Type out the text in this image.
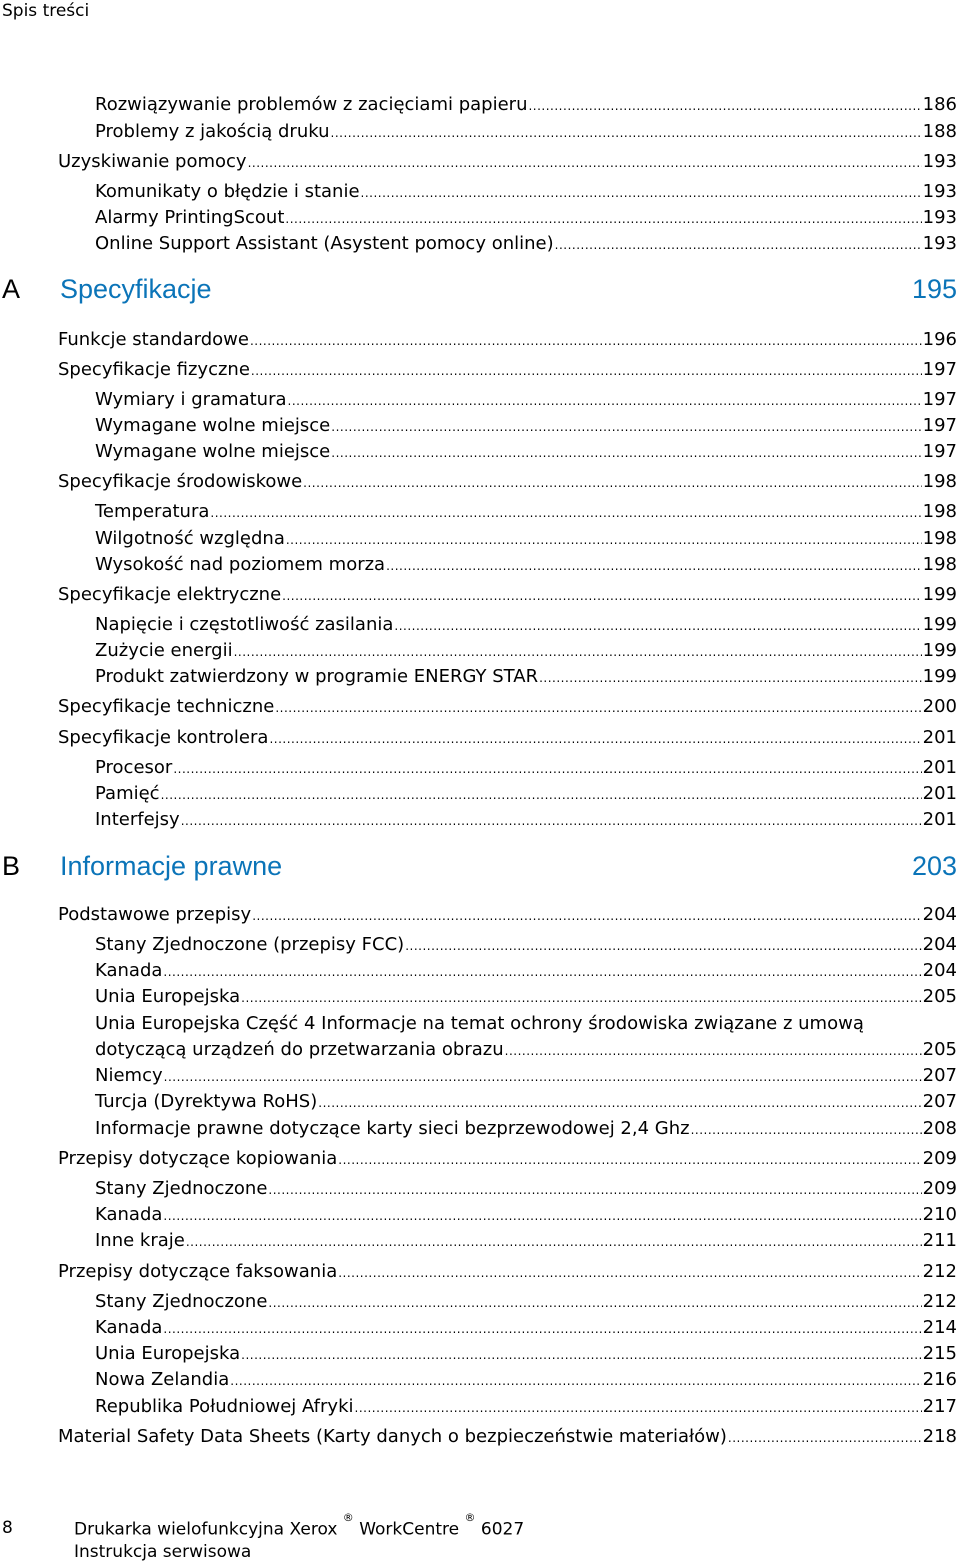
Spis treści
Rozwiązywanie problemów z zacięciami papieru .....	186
Problemy z jakością druku .....	188
Uzyskiwanie pomocy .....	193
Komunikaty o błędzie i stanie .....	193
Alarmy PrintingScout .....	193
Online Support Assistant (Asystent pomocy online) .....	193
A	Specyfikacje	195
Funkcje standardowe .....	196
Specyfikacje fizyczne .....	197
Wymiary i gramatura .....	197
Wymagane wolne miejsce .....	197
Wymagane wolne miejsce .....	197
Specyfikacje środowiskowe .....	198
Temperatura .....	198
Wilgotność względna .....	198
Wysokość nad poziomem morza .....	198
Specyfikacje elektryczne .....	199
Napięcie i częstotliwość zasilania .....	199
Zużycie energii .....	199
Produkt zatwierdzony w programie ENERGY STAR .....	199
Specyfikacje techniczne .....	200
Specyfikacje kontrolera .....	201
Procesor .....	201
Pamięć .....	201
Interfejsy .....	201
B	Informacje prawne	203
Podstawowe przepisy .....	204
Stany Zjednoczone (przepisy FCC) .....	204
Kanada .....	204
Unia Europejska .....	205
Unia Europejska Część 4 Informacje na temat ochrony środowiska związane z umową
dotyczącą urządzeń do przetwarzania obrazu .....	205
Niemcy .....	207
Turcja (Dyrektywa RoHS) .....	207
Informacje prawne dotyczące karty sieci bezprzewodowej 2,4 Ghz .....	208
Przepisy dotyczące kopiowania .....	209
Stany Zjednoczone .....	209
Kanada .....	210
Inne kraje .....	211
Przepisy dotyczące faksowania .....	212
Stany Zjednoczone .....	212
Kanada .....	214
Unia Europejska .....	215
Nowa Zelandia .....	216
Republika Południowej Afryki .....	217
Material Safety Data Sheets (Karty danych o bezpieczeństwie materiałów) .....	218
8	Drukarka wielofunkcyjna Xerox ® WorkCentre ® 6027
Instrukcja serwisowa
